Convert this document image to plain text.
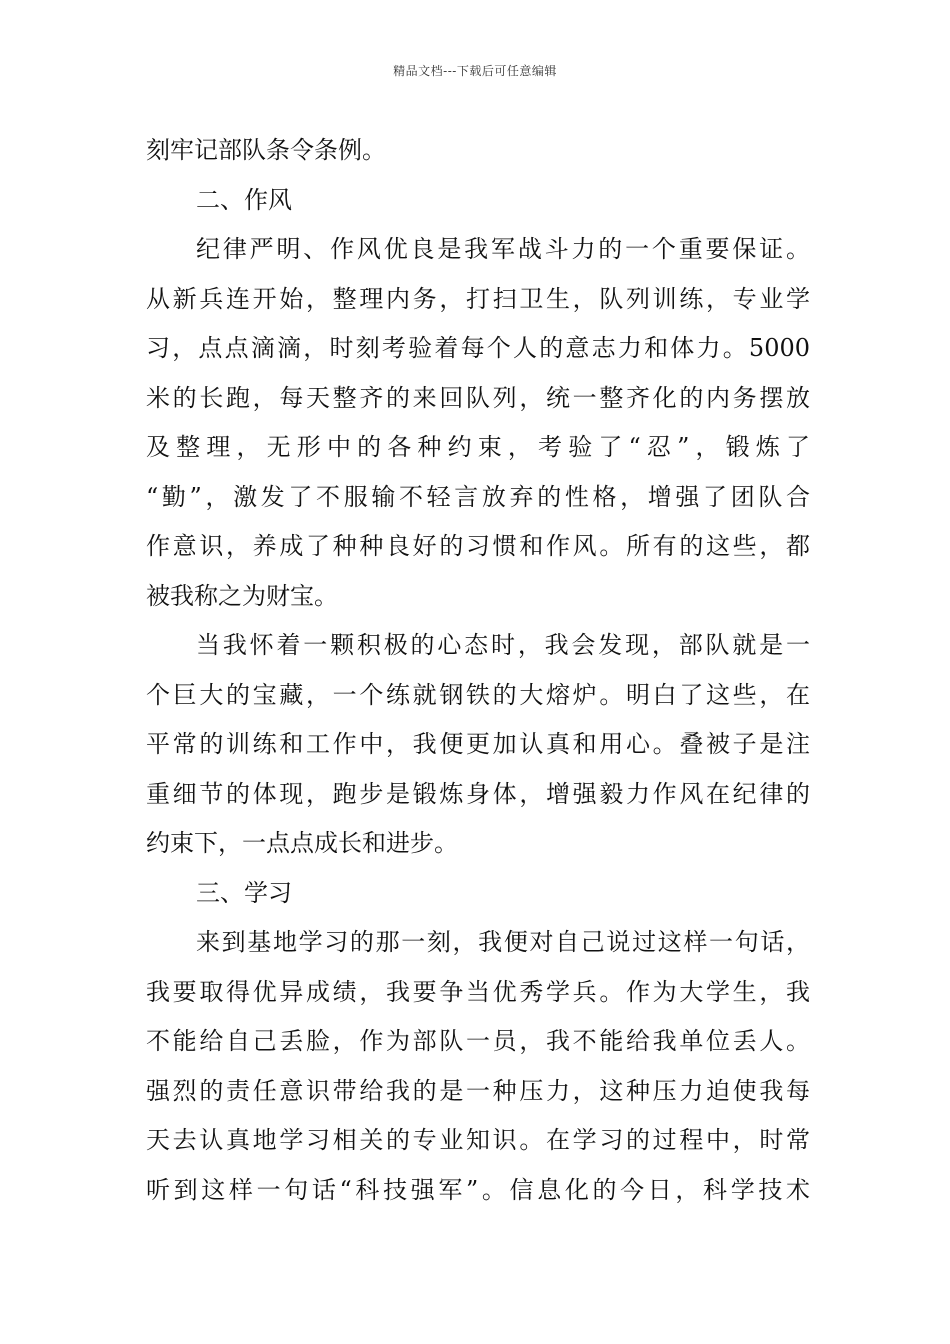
精品文档---下载后可任意编辑
刻牢记部队条令条例。
二、作风
纪律严明、作风优良是我军战斗力的一个重要保证。
从新兵连开始，整理内务，打扫卫生，队列训练，专业学
习，点点滴滴，时刻考验着每个人的意志力和体力。5000
米的长跑，每天整齐的来回队列，统一整齐化的内务摆放
及整理，无形中的各种约束，考验了“忍”，锻炼了
“勤”，激发了不服输不轻言放弃的性格，增强了团队合
作意识，养成了种种良好的习惯和作风。所有的这些，都
被我称之为财宝。
当我怀着一颗积极的心态时，我会发现，部队就是一
个巨大的宝藏，一个练就钢铁的大熔炉。明白了这些，在
平常的训练和工作中，我便更加认真和用心。叠被子是注
重细节的体现，跑步是锻炼身体，增强毅力作风在纪律的
约束下，一点点成长和进步。
三、学习
来到基地学习的那一刻，我便对自己说过这样一句话，
我要取得优异成绩，我要争当优秀学兵。作为大学生，我
不能给自己丢脸，作为部队一员，我不能给我单位丢人。
强烈的责任意识带给我的是一种压力，这种压力迫使我每
天去认真地学习相关的专业知识。在学习的过程中，时常
听到这样一句话“科技强军”。信息化的今日，科学技术
